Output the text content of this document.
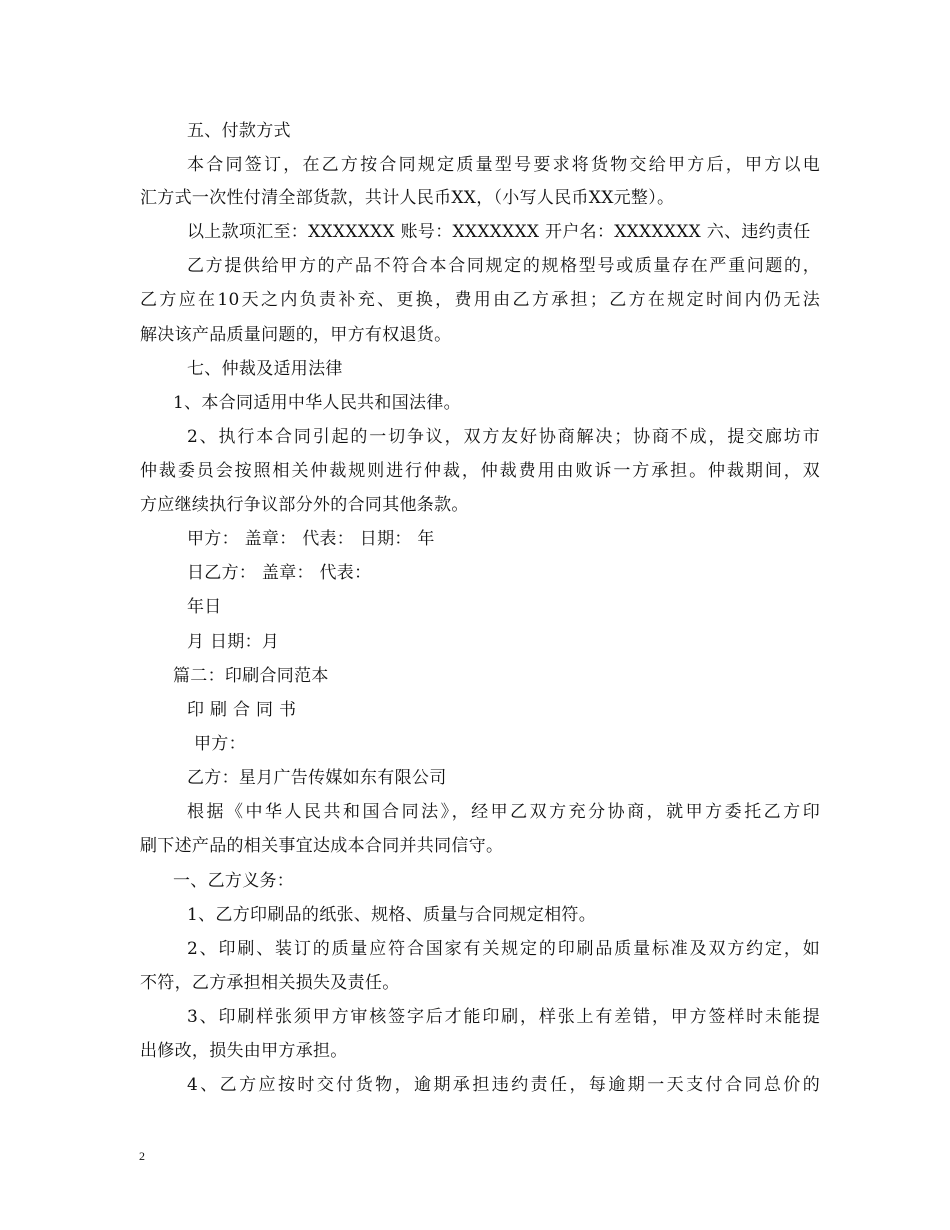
五、付款方式
本合同签订，在乙方按合同规定质量型号要求将货物交给甲方后，甲方以电
汇方式一次性付清全部货款，共计人民币XX，（小写人民币XX元整）。
以上款项汇至：XXXXXXX 账号：XXXXXXX 开户名：XXXXXXX 六、违约责任
乙方提供给甲方的产品不符合本合同规定的规格型号或质量存在严重问题的，
乙方应在10天之内负责补充、更换，费用由乙方承担；乙方在规定时间内仍无法
解决该产品质量问题的，甲方有权退货。
七、仲裁及适用法律
1、本合同适用中华人民共和国法律。
2、执行本合同引起的一切争议，双方友好协商解决；协商不成，提交廊坊市
仲裁委员会按照相关仲裁规则进行仲裁，仲裁费用由败诉一方承担。仲裁期间，双
方应继续执行争议部分外的合同其他条款。
甲方： 盖章： 代表： 日期： 年
日乙方： 盖章： 代表：
年日
月 日期：月
篇二：印刷合同范本
印 刷 合 同 书
甲方：
乙方：星月广告传媒如东有限公司
根据《中华人民共和国合同法》，经甲乙双方充分协商，就甲方委托乙方印
刷下述产品的相关事宜达成本合同并共同信守。
一、乙方义务：
1、乙方印刷品的纸张、规格、质量与合同规定相符。
2、印刷、装订的质量应符合国家有关规定的印刷品质量标准及双方约定，如
不符，乙方承担相关损失及责任。
3、印刷样张须甲方审核签字后才能印刷，样张上有差错，甲方签样时未能提
出修改，损失由甲方承担。
4、乙方应按时交付货物，逾期承担违约责任，每逾期一天支付合同总价的
2
